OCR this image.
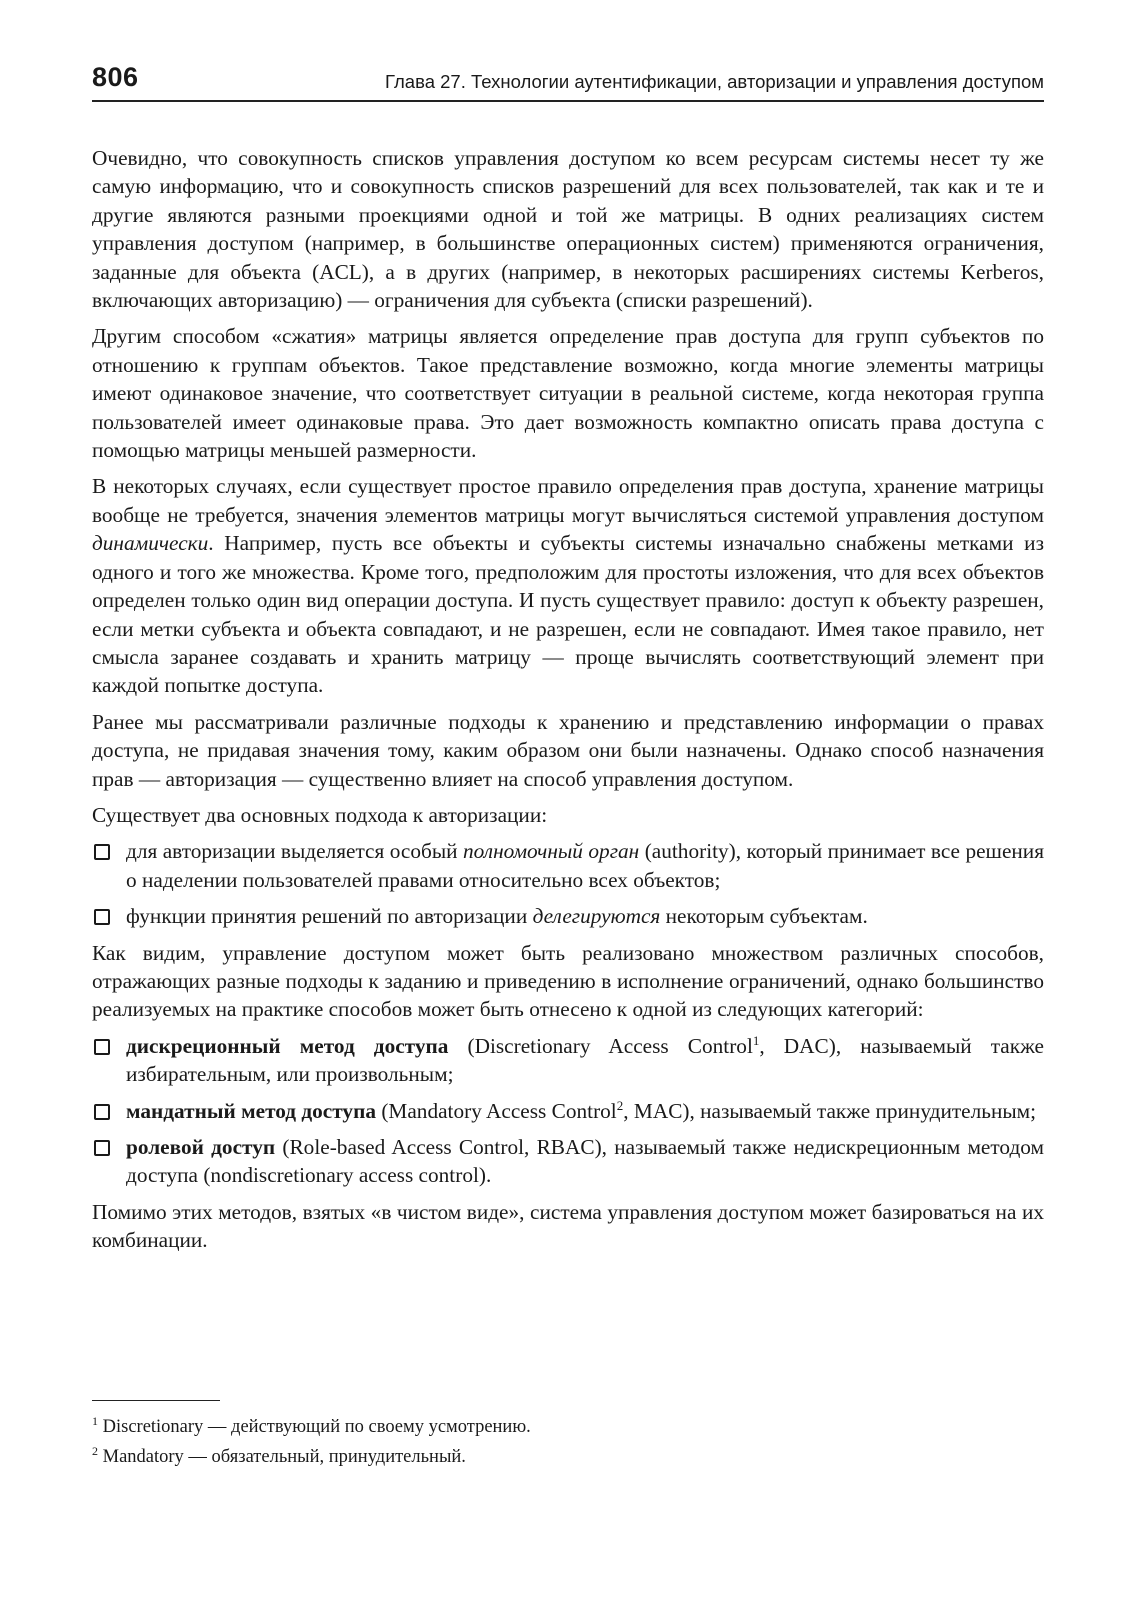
806	Глава 27. Технологии аутентификации, авторизации и управления доступом

Очевидно, что совокупность списков управления доступом ко всем ресурсам системы несет ту же самую информацию, что и совокупность списков разрешений для всех пользователей, так как и те и другие являются разными проекциями одной и той же матрицы. В одних реализациях систем управления доступом (например, в большинстве операционных систем) применяются ограничения, заданные для объекта (ACL), а в других (например, в некоторых расширениях системы Kerberos, включающих авторизацию) — ограничения для субъекта (списки разрешений).

Другим способом «сжатия» матрицы является определение прав доступа для групп субъектов по отношению к группам объектов. Такое представление возможно, когда многие элементы матрицы имеют одинаковое значение, что соответствует ситуации в реальной системе, когда некоторая группа пользователей имеет одинаковые права. Это дает возможность компактно описать права доступа с помощью матрицы меньшей размерности.

В некоторых случаях, если существует простое правило определения прав доступа, хранение матрицы вообще не требуется, значения элементов матрицы могут вычисляться системой управления доступом динамически. Например, пусть все объекты и субъекты системы изначально снабжены метками из одного и того же множества. Кроме того, предположим для простоты изложения, что для всех объектов определен только один вид операции доступа. И пусть существует правило: доступ к объекту разрешен, если метки субъекта и объекта совпадают, и не разрешен, если не совпадают. Имея такое правило, нет смысла заранее создавать и хранить матрицу — проще вычислять соответствующий элемент при каждой попытке доступа.

Ранее мы рассматривали различные подходы к хранению и представлению информации о правах доступа, не придавая значения тому, каким образом они были назначены. Однако способ назначения прав — авторизация — существенно влияет на способ управления доступом.

Существует два основных подхода к авторизации:

для авторизации выделяется особый полномочный орган (authority), который принимает все решения о наделении пользователей правами относительно всех объектов;
функции принятия решений по авторизации делегируются некоторым субъектам.

Как видим, управление доступом может быть реализовано множеством различных способов, отражающих разные подходы к заданию и приведению в исполнение ограничений, однако большинство реализуемых на практике способов может быть отнесено к одной из следующих категорий:

дискреционный метод доступа (Discretionary Access Control$^1$, DAC), называемый также избирательным, или произвольным;
мандатный метод доступа (Mandatory Access Control$^2$, MAC), называемый также принудительным;
ролевой доступ (Role-based Access Control, RBAC), называемый также недискреционным методом доступа (nondiscretionary access control).

Помимо этих методов, взятых «в чистом виде», система управления доступом может базироваться на их комбинации.

$^1$ Discretionary — действующий по своему усмотрению.

$^2$ Mandatory — обязательный, принудительный.
